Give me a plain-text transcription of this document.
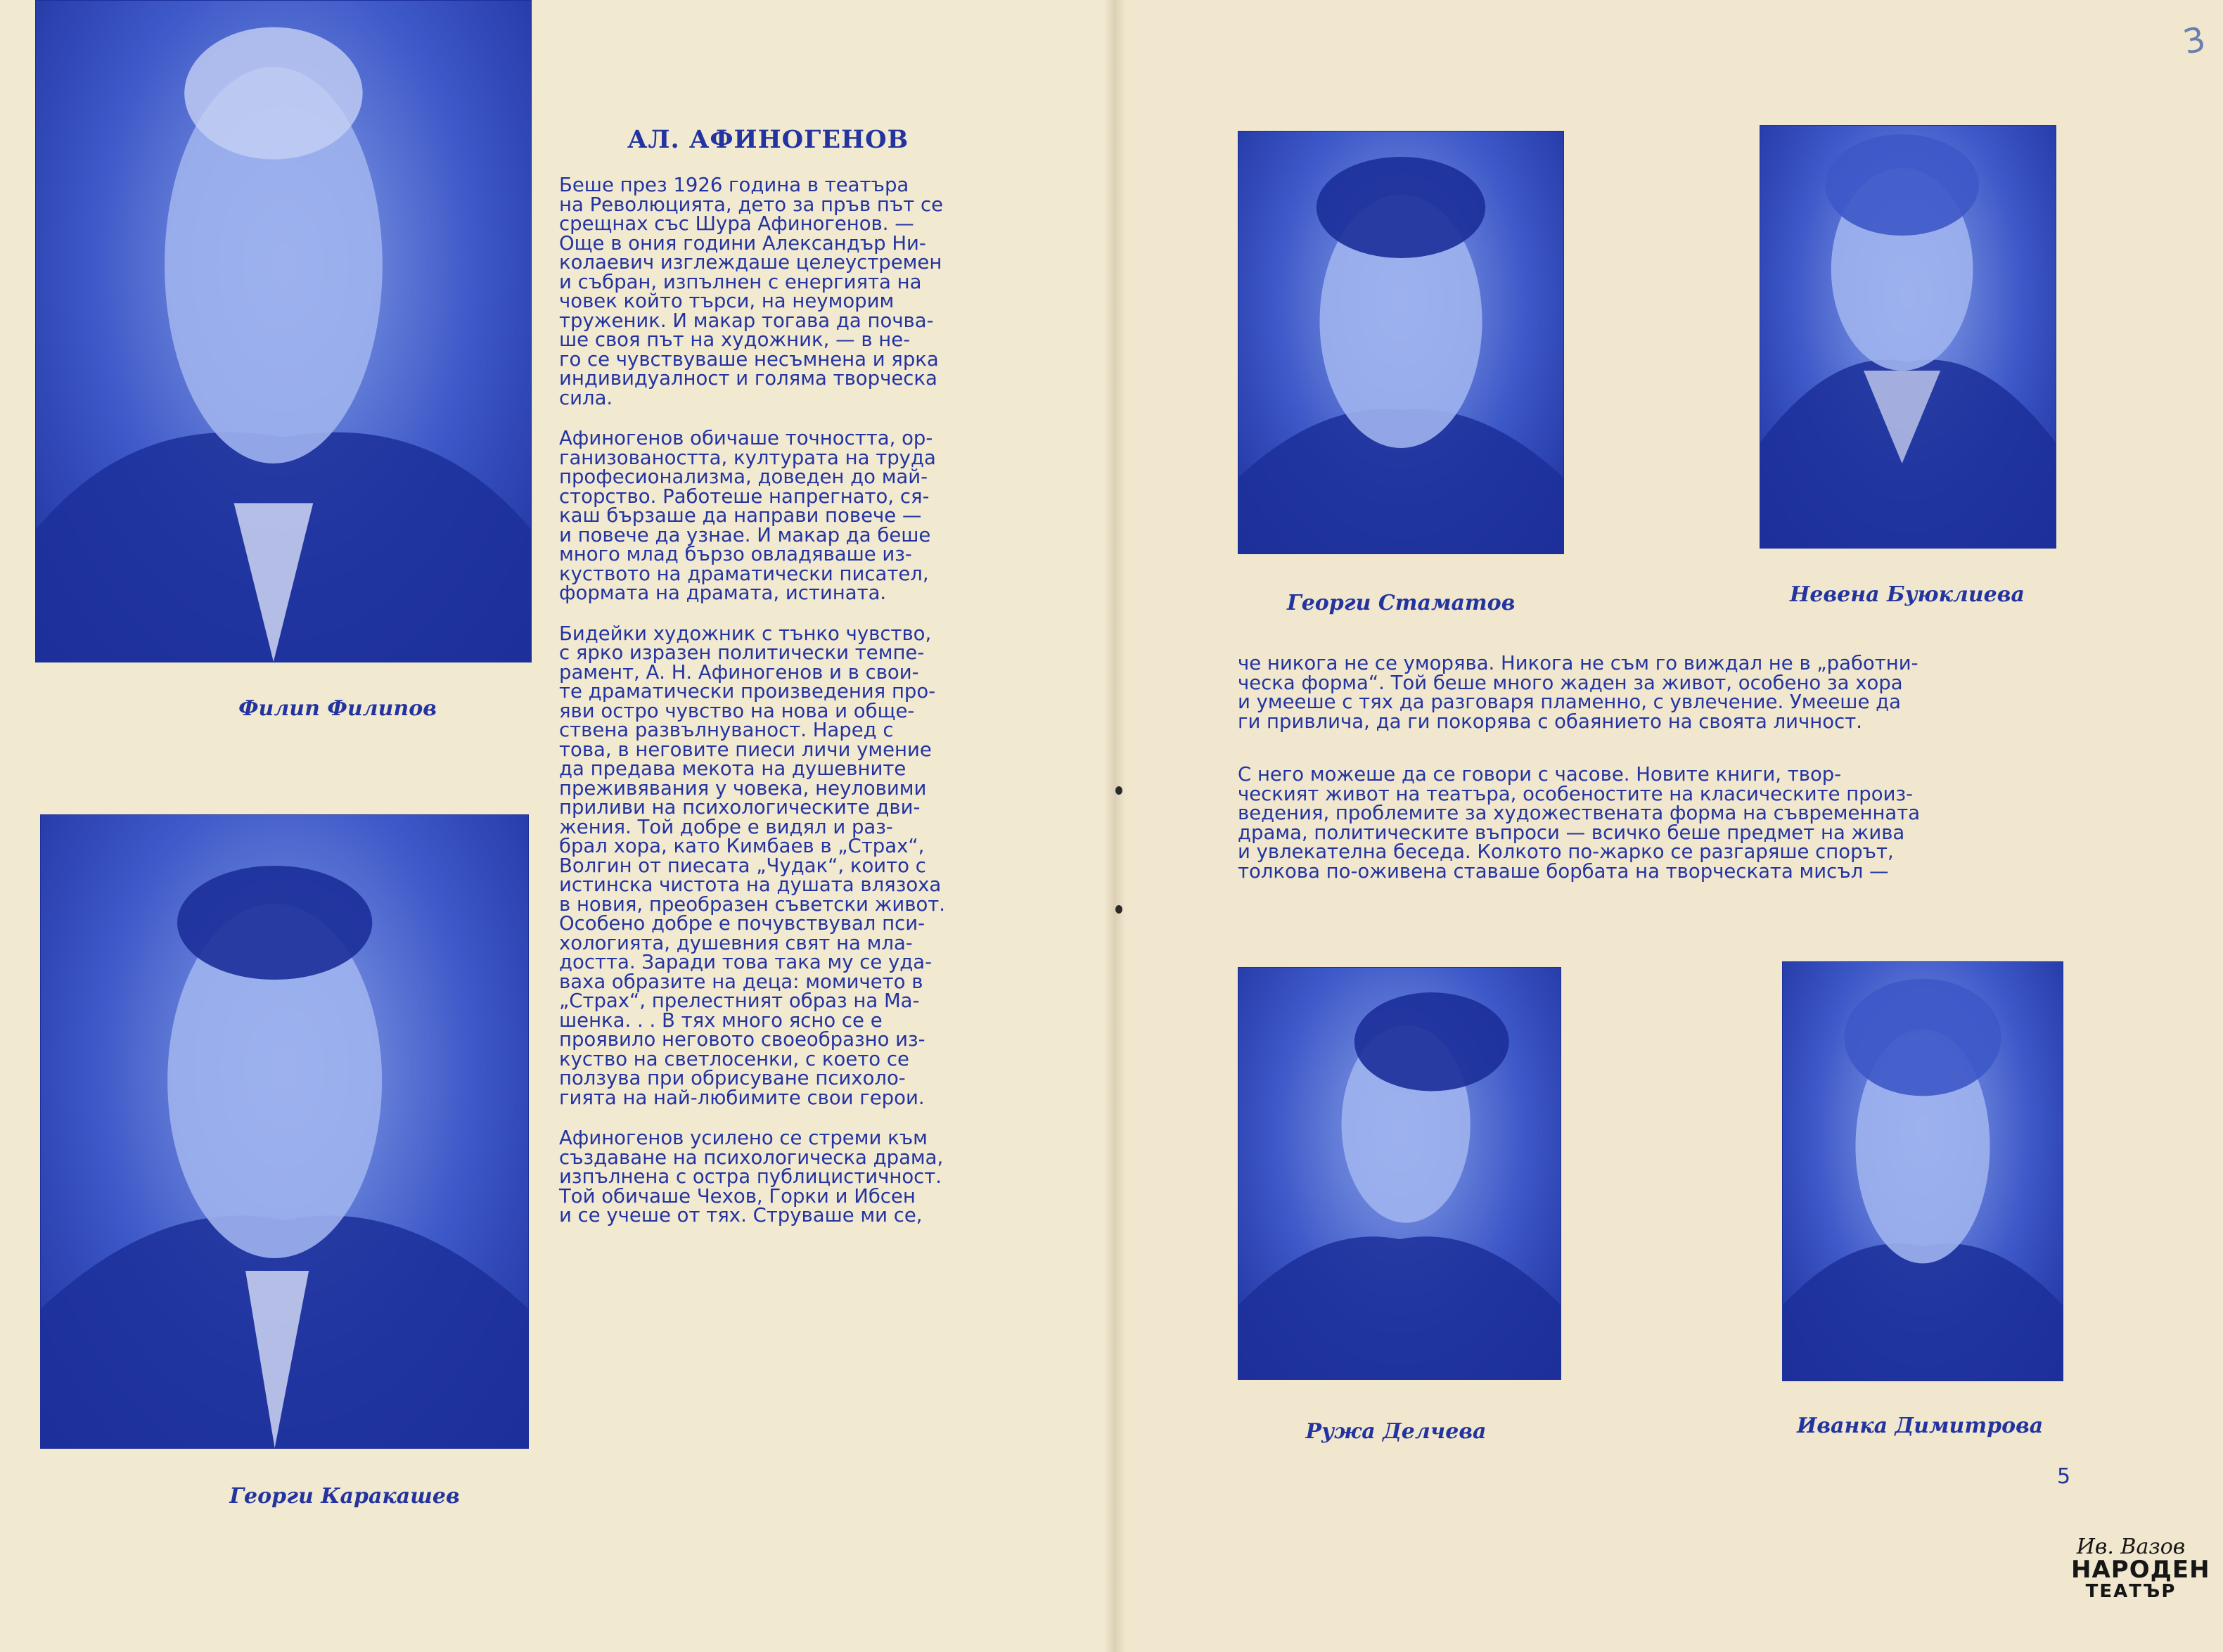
Филип Филипов
Георги Каракашев
АЛ. АФИНОГЕНОВ
Беше през 1926 година в театъра
на Революцията, дето за пръв път се
срещнах със Шура Афиногенов. —
Още в ония години Александър Ни-
колаевич изглеждаше целеустремен
и събран, изпълнен с енергията на
човек който търси, на неуморим
труженик. И макар тогава да почва-
ше своя път на художник, — в не-
го се чувствуваше несъмнена и ярка
индивидуалност и голяма творческа
сила.
Афиногенов обичаше точността, ор-
ганизоваността, културата на труда
професионализма, доведен до май-
сторство. Работеше напрегнато, ся-
каш бързаше да направи повече —
и повече да узнае. И макар да беше
много млад бързо овладяваше из-
куството на драматически писател,
формата на драмата, истината.
Бидейки художник с тънко чувство,
с ярко изразен политически темпе-
рамент, А. Н. Афиногенов и в свои-
те драматически произведения про-
яви остро чувство на нова и обще-
ствена развълнуваност. Наред с
това, в неговите пиеси личи умение
да предава мекота на душевните
преживявания у човека, неуловими
приливи на психологическите дви-
жения. Той добре е видял и раз-
брал хора, като Кимбаев в „Страх“,
Волгин от пиесата „Чудак“, които с
истинска чистота на душата влязоха
в новия, преобразен съветски живот.
Особено добре е почувствувал пси-
хологията, душевния свят на мла-
достта. Заради това така му се уда-
ваха образите на деца: момичето в
„Страх“, прелестният образ на Ма-
шенка. . . В тях много ясно се е
проявило неговото своеобразно из-
куство на светлосенки, с което се
ползува при обрисуване психоло-
гията на най-любимите свои герои.
Афиногенов усилено се стреми към
създаване на психологическа драма,
изпълнена с остра публицистичност.
Той обичаше Чехов, Горки и Ибсен
и се учеше от тях. Струваше ми се,
Георги Стаматов	Невена Буюклиева
че никога не се уморява. Никога не съм го виждал не в „работни-
ческа форма“. Той беше много жаден за живот, особено за хора
и умееше с тях да разговаря пламенно, с увлечение. Умееше да
ги привлича, да ги покорява с обаянието на своята личност.
С него можеше да се говори с часове. Новите книги, твор-
ческият живот на театъра, особеностите на класическите произ-
ведения, проблемите за художествената форма на съвременната
драма, политическите въпроси — всичко беше предмет на жива
и увлекателна беседа. Колкото по-жарко се разгаряше спорът,
толкова по-оживена ставаше борбата на творческата мисъл —
Ружа Делчева	Иванка Димитрова
5
3
Ив. Вазов
НАРОДЕН
ТЕАТЪР
